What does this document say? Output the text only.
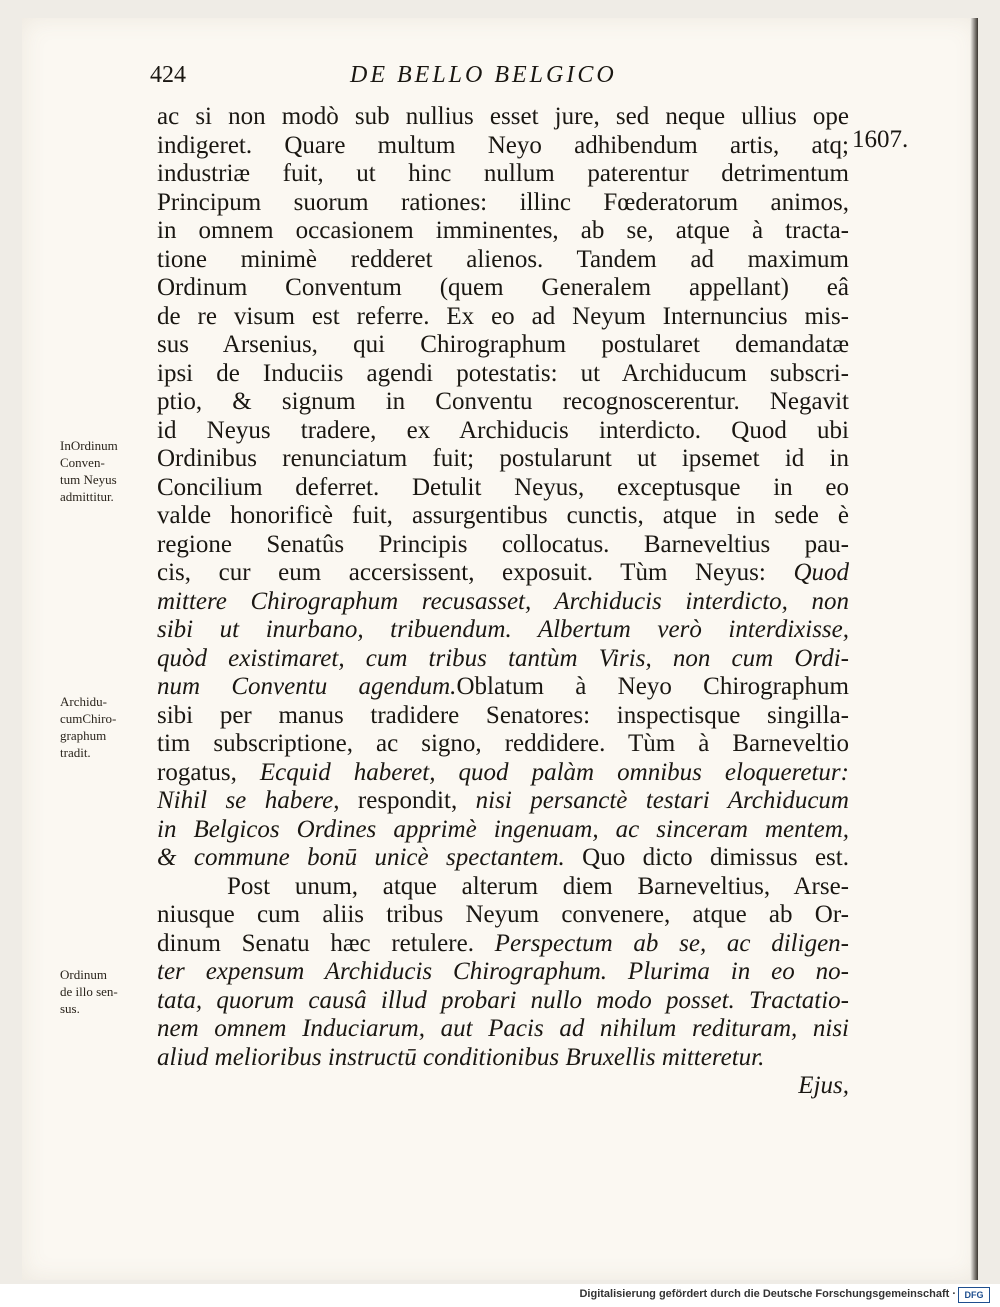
424	DE BELLO BELGICO
1607.
InOrdinum
Conven-
tum Neyus
admittitur.
Archidu-
cumChiro-
graphum
tradit.
Ordinum
de illo sen-
sus.
ac si non modò sub nullius esset jure, sed neque ullius ope
indigeret. Quare multum Neyo adhibendum artis, atq;
industriæ fuit, ut hinc nullum paterentur detrimentum
Principum suorum rationes: illinc Fœderatorum animos,
in omnem occasionem imminentes, ab se, atque à tracta-
tione minimè redderet alienos. Tandem ad maximum
Ordinum Conventum (quem Generalem appellant) eâ
de re visum est referre. Ex eo ad Neyum Internuncius mis-
sus Arsenius, qui Chirographum postularet demandatæ
ipsi de Induciis agendi potestatis: ut Archiducum subscri-
ptio, & signum in Conventu recognoscerentur. Negavit
id Neyus tradere, ex Archiducis interdicto. Quod ubi
Ordinibus renunciatum fuit; postularunt ut ipsemet id in
Concilium deferret. Detulit Neyus, exceptusque in eo
valde honorificè fuit, assurgentibus cunctis, atque in sede è
regione Senatûs Principis collocatus. Barneveltius pau-
cis, cur eum accersissent, exposuit. Tùm Neyus: Quod
mittere Chirographum recusasset, Archiducis interdicto, non
sibi ut inurbano, tribuendum. Albertum verò interdixisse,
quòd existimaret, cum tribus tantùm Viris, non cum Ordi-
num Conventu agendum.Oblatum à Neyo Chirographum
sibi per manus tradidere Senatores: inspectisque singilla-
tim subscriptione, ac signo, reddidere. Tùm à Barneveltio
rogatus, Ecquid haberet, quod palàm omnibus eloqueretur:
Nihil se habere, respondit, nisi persanctè testari Archiducum
in Belgicos Ordines apprimè ingenuam, ac sinceram mentem,
& commune bonū unicè spectantem. Quo dicto dimissus est.
Post unum, atque alterum diem Barneveltius, Arse-
niusque cum aliis tribus Neyum convenere, atque ab Or-
dinum Senatu hæc retulere. Perspectum ab se, ac diligen-
ter expensum Archiducis Chirographum. Plurima in eo no-
tata, quorum causâ illud probari nullo modo posset. Tractatio-
nem omnem Induciarum, aut Pacis ad nihilum redituram, nisi
aliud melioribus instructū conditionibus Bruxellis mitteretur.
Ejus,
Digitalisierung gefördert durch die Deutsche Forschungsgemeinschaft · DFG
